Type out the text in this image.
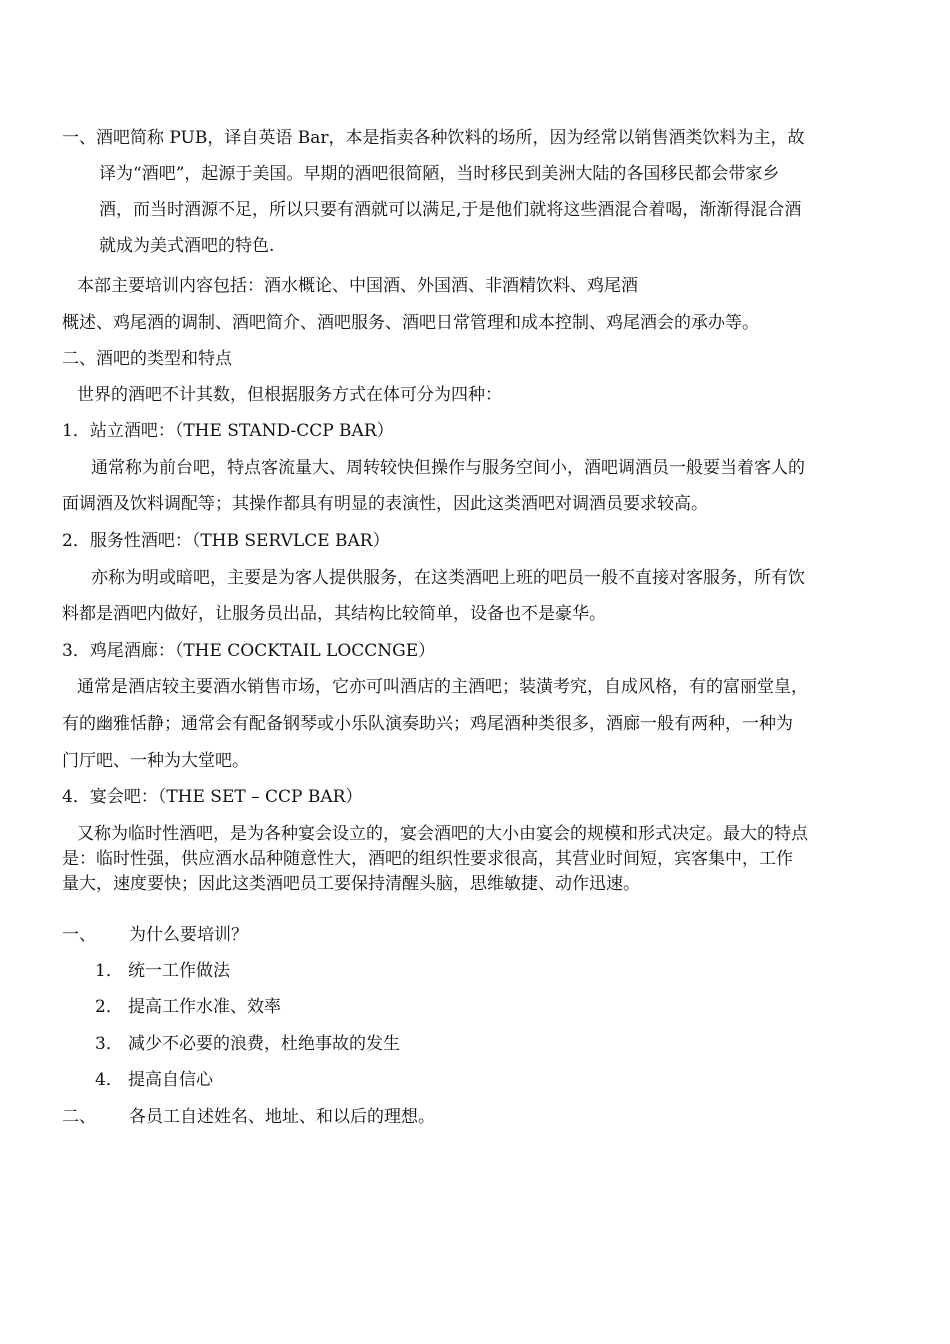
一、酒吧简称 PUB，译自英语 Bar，本是指卖各种饮料的场所，因为经常以销售酒类饮料为主，故
译为“酒吧”，起源于美国。早期的酒吧很简陋，当时移民到美洲大陆的各国移民都会带家乡
酒，而当时酒源不足，所以只要有酒就可以满足,于是他们就将这些酒混合着喝，渐渐得混合酒
就成为美式酒吧的特色.
本部主要培训内容包括：酒水概论、中国酒、外国酒、非酒精饮料、鸡尾酒
概述、鸡尾酒的调制、酒吧简介、酒吧服务、酒吧日常管理和成本控制、鸡尾酒会的承办等。
二、酒吧的类型和特点
世界的酒吧不计其数，但根据服务方式在体可分为四种：
1．站立酒吧：（THE STAND-CCP BAR）
通常称为前台吧，特点客流量大、周转较快但操作与服务空间小，酒吧调酒员一般要当着客人的
面调酒及饮料调配等；其操作都具有明显的表演性，因此这类酒吧对调酒员要求较高。
2．服务性酒吧：（THB SERVLCE BAR）
亦称为明或暗吧，主要是为客人提供服务，在这类酒吧上班的吧员一般不直接对客服务，所有饮
料都是酒吧内做好，让服务员出品，其结构比较简单，设备也不是豪华。
3．鸡尾酒廊：（THE COCKTAIL LOCCNGE）
通常是酒店较主要酒水销售市场，它亦可叫酒店的主酒吧；装潢考究，自成风格，有的富丽堂皇，
有的幽雅恬静；通常会有配备钢琴或小乐队演奏助兴；鸡尾酒种类很多，酒廊一般有两种，一种为
门厅吧、一种为大堂吧。
4．宴会吧：（THE SET – CCP BAR）
又称为临时性酒吧，是为各种宴会设立的，宴会酒吧的大小由宴会的规模和形式决定。最大的特点
是：临时性强，供应酒水品种随意性大，酒吧的组织性要求很高，其营业时间短，宾客集中，工作
量大，速度要快；因此这类酒吧员工要保持清醒头脑，思维敏捷、动作迅速。
一、 为什么要培训？
1． 统一工作做法
2． 提高工作水准、效率
3． 减少不必要的浪费，杜绝事故的发生
4． 提高自信心
二、 各员工自述姓名、地址、和以后的理想。
